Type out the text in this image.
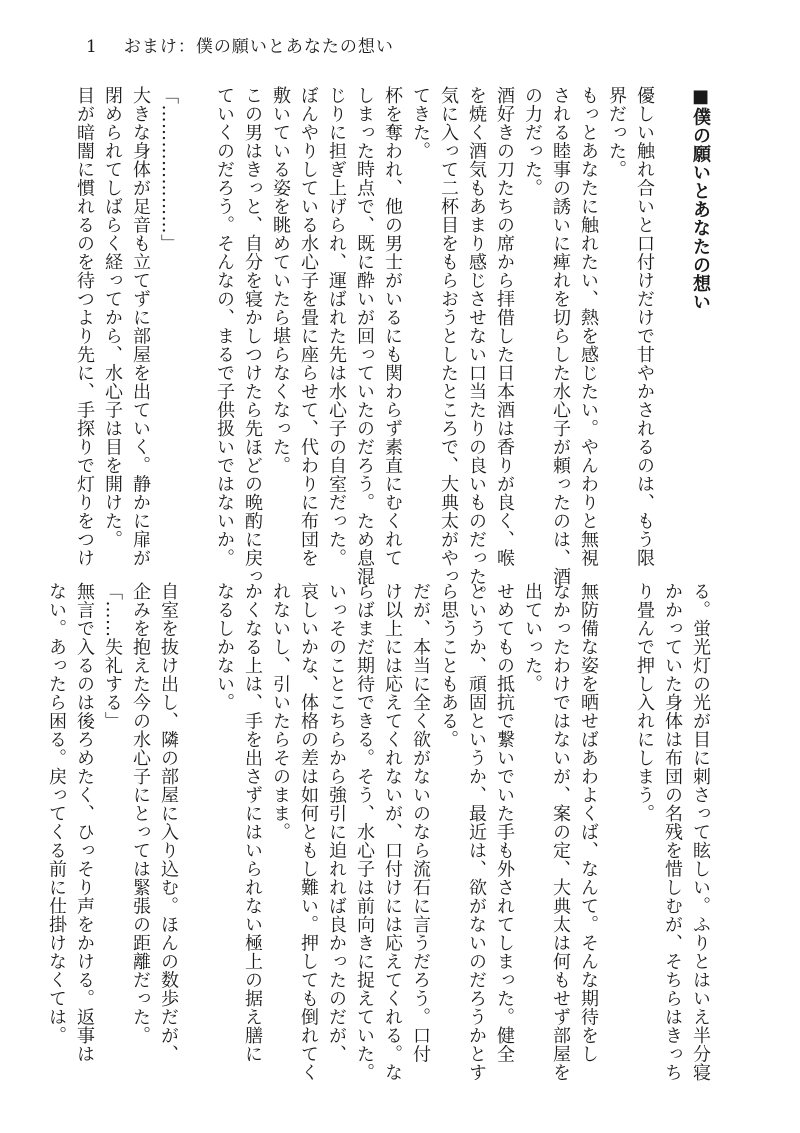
1 おまけ：僕の願いとあなたの想い
■僕の願いとあなたの想い
優しい触れ合いと口付けだけで甘やかされるのは、もう限
界だった。
もっとあなたに触れたい、熱を感じたい。やんわりと無視
される睦事の誘いに痺れを切らした水心子が頼ったのは、酒
の力だった。
酒好きの刀たちの席から拝借した日本酒は香りが良く、喉
を焼く酒気もあまり感じさせない口当たりの良いものだった。
気に入って二杯目をもらおうとしたところで、大典太がやっ
てきた。
杯を奪われ、他の男士がいるにも関わらず素直にむくれて
しまった時点で、既に酔いが回っていたのだろう。ため息混
じりに担ぎ上げられ、運ばれた先は水心子の自室だった。
ぼんやりしている水心子を畳に座らせて、代わりに布団を
敷いている姿を眺めていたら堪らなくなった。
この男はきっと、自分を寝かしつけたら先ほどの晩酌に戻っ
ていくのだろう。そんなの、まるで子供扱いではないか。
「…………………」
大きな身体が足音も立てずに部屋を出ていく。静かに扉が
閉められてしばらく経ってから、水心子は目を開けた。
目が暗闇に慣れるのを待つより先に、手探りで灯りをつけ
る。蛍光灯の光が目に刺さって眩しい。ふりとはいえ半分寝
かかっていた身体は布団の名残を惜しむが、そちらはきっち
り畳んで押し入れにしまう。
無防備な姿を晒せばあわよくば、なんて。そんな期待をし
なかったわけではないが、案の定、大典太は何もせず部屋を
出ていった。
せめてもの抵抗で繋いでいた手も外されてしまった。健全
というか、頑固というか、最近は、欲がないのだろうかとす
ら思うこともある。
だが、本当に全く欲がないのなら流石に言うだろう。口付
け以上には応えてくれないが、口付けには応えてくれる。な
らばまだ期待できる。そう、水心子は前向きに捉えていた。
いっそのことこちらから強引に迫れれば良かったのだが、
哀しいかな、体格の差は如何ともし難い。押しても倒れてく
れないし、引いたらそのまま。
かくなる上は、手を出さずにはいられない極上の据え膳に
なるしかない。
自室を抜け出し、隣の部屋に入り込む。ほんの数歩だが、
企みを抱えた今の水心子にとっては緊張の距離だった。
「……失礼する」
無言で入るのは後ろめたく、ひっそり声をかける。返事は
ない。あったら困る。戻ってくる前に仕掛けなくては。
